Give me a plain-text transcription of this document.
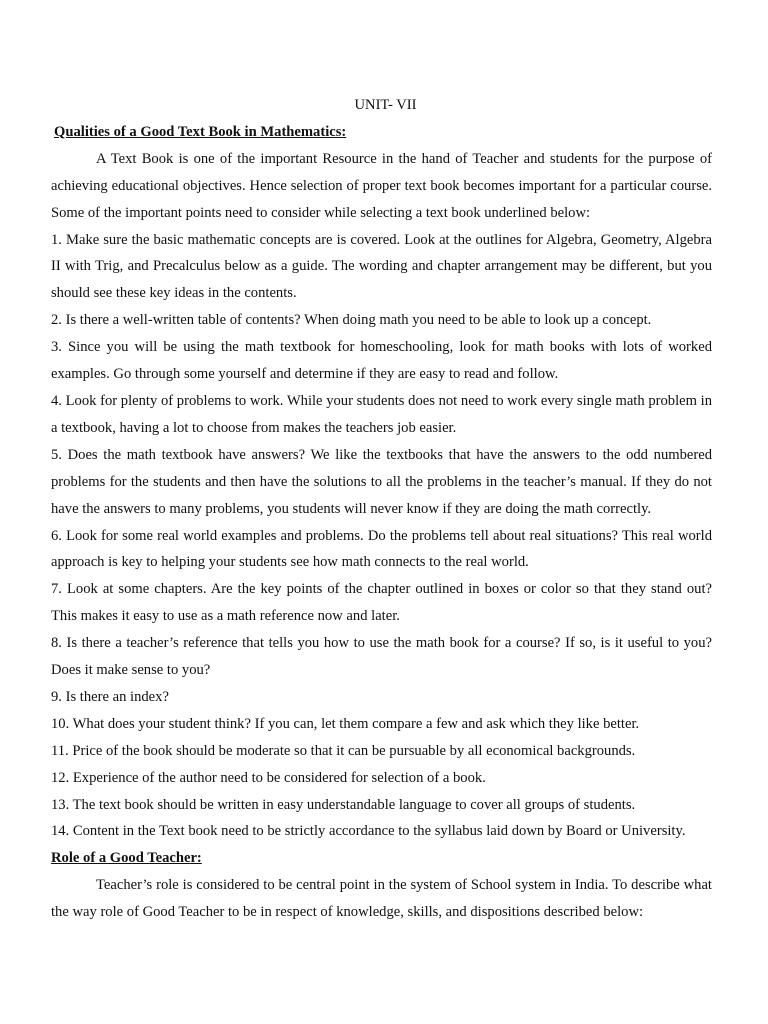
UNIT- VII

Qualities of a Good Text Book in Mathematics:

A Text Book is one of the important Resource in the hand of Teacher and students for the purpose of achieving educational objectives. Hence selection of proper text book becomes important for a particular course. Some of the important points need to consider while selecting a text book underlined below:

1. Make sure the basic mathematic concepts are is covered. Look at the outlines for Algebra, Geometry, Algebra II with Trig, and Precalculus below as a guide. The wording and chapter arrangement may be different, but you should see these key ideas in the contents.
2. Is there a well-written table of contents? When doing math you need to be able to look up a concept.
3. Since you will be using the math textbook for homeschooling, look for math books with lots of worked examples. Go through some yourself and determine if they are easy to read and follow.
4. Look for plenty of problems to work. While your students does not need to work every single math problem in a textbook, having a lot to choose from makes the teachers job easier.
5. Does the math textbook have answers? We like the textbooks that have the answers to the odd numbered problems for the students and then have the solutions to all the problems in the teacher’s manual. If they do not have the answers to many problems, you students will never know if they are doing the math correctly.
6. Look for some real world examples and problems. Do the problems tell about real situations? This real world approach is key to helping your students see how math connects to the real world.
7. Look at some chapters. Are the key points of the chapter outlined in boxes or color so that they stand out? This makes it easy to use as a math reference now and later.
8. Is there a teacher’s reference that tells you how to use the math book for a course? If so, is it useful to you? Does it make sense to you?
9. Is there an index?
10. What does your student think? If you can, let them compare a few and ask which they like better.
11. Price of the book should be moderate so that it can be pursuable by all economical backgrounds.
12. Experience of the author need to be considered for selection of a book.
13. The text book should be written in easy understandable language to cover all groups of students.
14. Content in the Text book need to be strictly accordance to the syllabus laid down by Board or University.

Role of a Good Teacher:

Teacher’s role is considered to be central point in the system of School system in India. To describe what the way role of Good Teacher to be in respect of knowledge, skills, and dispositions described below:
